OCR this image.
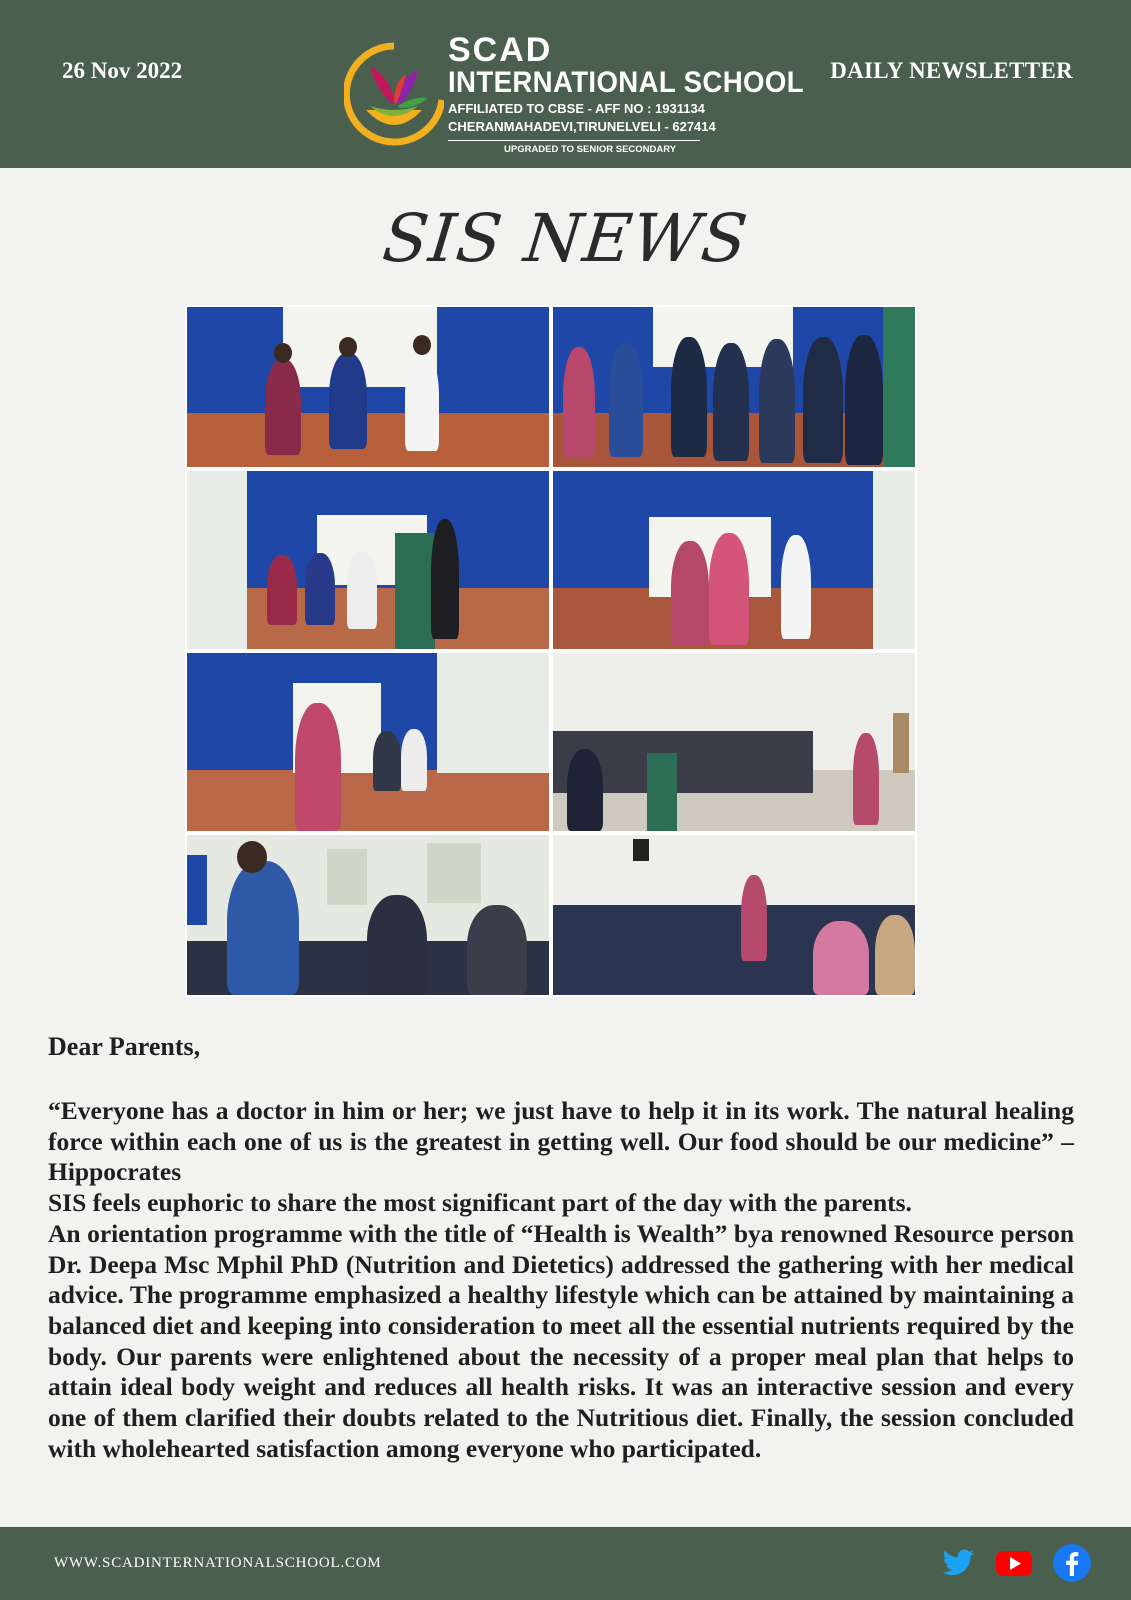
26 Nov 2022
SCAD
INTERNATIONAL SCHOOL
AFFILIATED TO CBSE - AFF NO : 1931134
CHERANMAHADEVI,TIRUNELVELI - 627414
UPGRADED TO SENIOR SECONDARY
DAILY NEWSLETTER
SIS NEWS
Dear Parents,

“Everyone has a doctor in him or her; we just have to help it in its work. The natural healing force within each one of us is the greatest in getting well. Our food should be our medicine” – Hippocrates

SIS feels euphoric to share the most significant part of the day with the parents.

An orientation programme with the title of “Health is Wealth” bya renowned Resource person Dr. Deepa Msc Mphil PhD (Nutrition and Dietetics) addressed the gathering with her medical advice. The programme emphasized a healthy lifestyle which can be attained by maintaining a balanced diet and keeping into consideration to meet all the essential nutrients required by the body. Our parents were enlightened about the necessity of a proper meal plan that helps to attain ideal body weight and reduces all health risks. It was an interactive session and every one of them clarified their doubts related to the Nutritious diet. Finally, the session concluded with wholehearted satisfaction among everyone who participated.

WWW.SCADINTERNATIONALSCHOOL.COM
